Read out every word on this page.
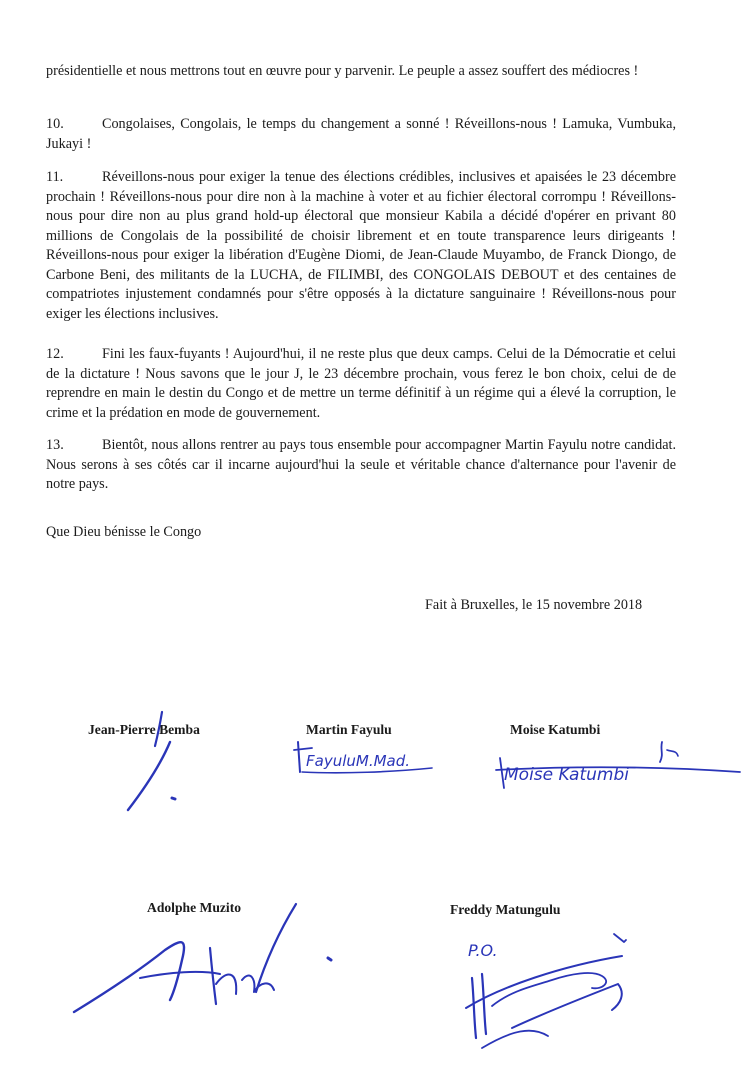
présidentielle et nous mettrons tout en œuvre pour y parvenir. Le peuple a assez souffert des médiocres !

10.	Congolaises, Congolais, le temps du changement a sonné ! Réveillons-nous ! Lamuka, Vumbuka, Jukayi !

11.	Réveillons-nous pour exiger la tenue des élections crédibles, inclusives et apaisées le 23 décembre prochain ! Réveillons-nous pour dire non à la machine à voter et au fichier électoral corrompu ! Réveillons-nous pour dire non au plus grand hold-up électoral que monsieur Kabila a décidé d'opérer en privant 80 millions de Congolais de la possibilité de choisir librement et en toute transparence leurs dirigeants ! Réveillons-nous pour exiger la libération d'Eugène Diomi, de Jean-Claude Muyambo, de Franck Diongo, de Carbone Beni, des militants de la LUCHA, de FILIMBI, des CONGOLAIS DEBOUT et des centaines de compatriotes injustement condamnés pour s'être opposés à la dictature sanguinaire ! Réveillons-nous pour exiger les élections inclusives.

12.	Fini les faux-fuyants ! Aujourd'hui, il ne reste plus que deux camps. Celui de la Démocratie et celui de la dictature ! Nous savons que le jour J, le 23 décembre prochain, vous ferez le bon choix, celui de de reprendre en main le destin du Congo et de mettre un terme définitif à un régime qui a élevé la corruption, le crime et la prédation en mode de gouvernement.

13.	Bientôt, nous allons rentrer au pays tous ensemble pour accompagner Martin Fayulu notre candidat. Nous serons à ses côtés car il incarne aujourd'hui la seule et véritable chance d'alternance pour l'avenir de notre pays.

Que Dieu bénisse le Congo

Fait à Bruxelles, le 15 novembre 2018

Jean-Pierre Bemba	Martin Fayulu	Moise Katumbi
Adolphe Muzito	Freddy Matungulu
FayuluM.Mad.
Moise Katumbi
P.O.
